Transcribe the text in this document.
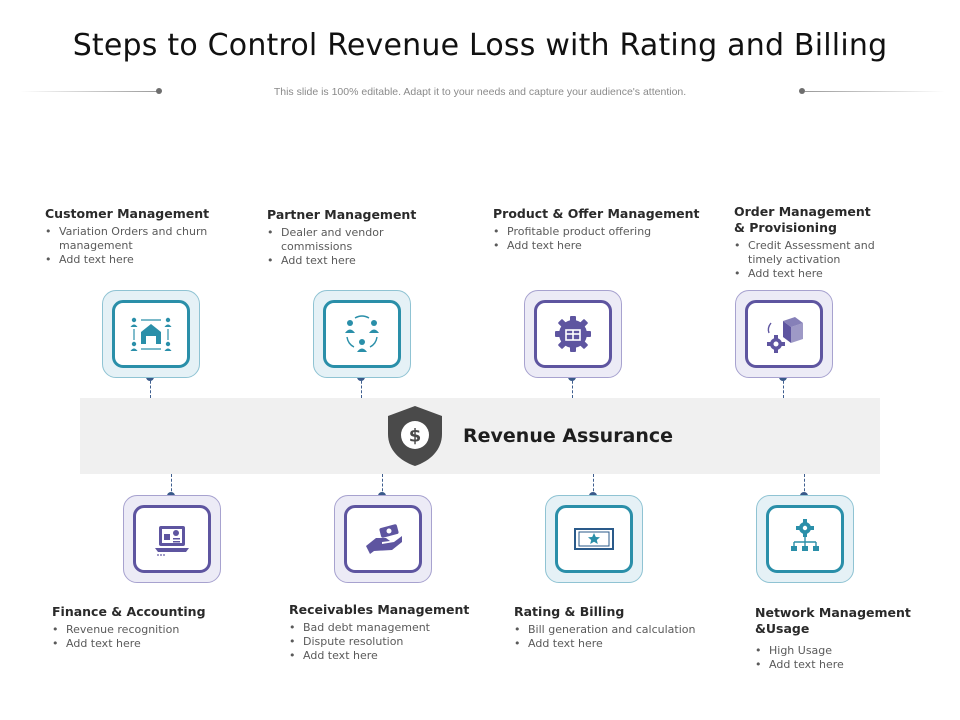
Steps to Control Revenue Loss with Rating and Billing
This slide is 100% editable. Adapt it to your needs and capture your audience's attention.
$ Revenue Assurance
Customer Management
• Variation Orders and churn management
• Add text here
Partner Management
• Dealer and vendor commissions
• Add text here
Product & Offer Management
• Profitable product offering
• Add text here
Order Management & Provisioning
• Credit Assessment and timely activation
• Add text here
Finance & Accounting
• Revenue recognition
• Add text here
Receivables Management
• Bad debt management
• Dispute resolution
• Add text here
Rating & Billing
• Bill generation and calculation
• Add text here
Network Management &Usage
• High Usage
• Add text here
